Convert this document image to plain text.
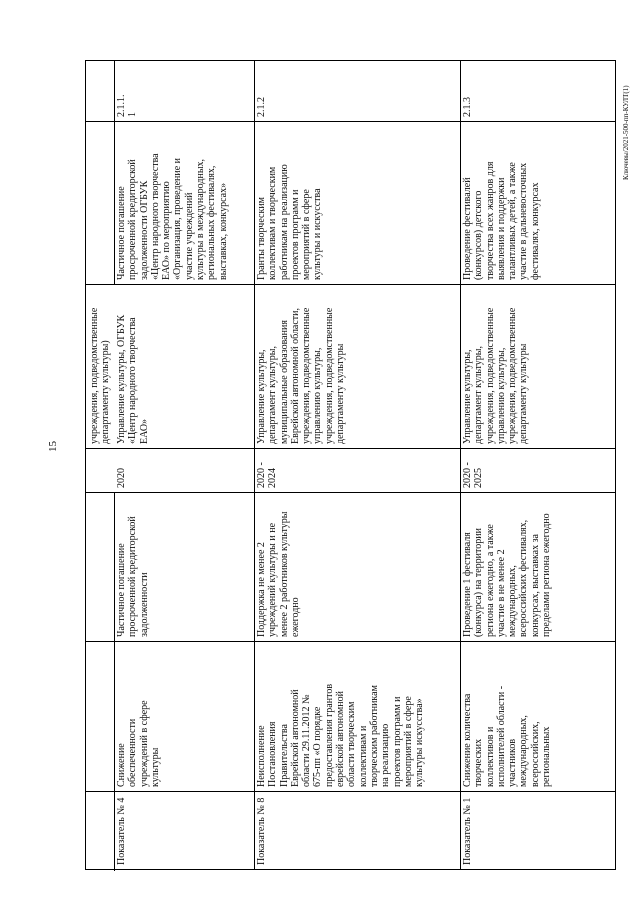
15
Ключевы/2021-500-пп-КУЛТ(1)
учреждения, подведомственные
департаменту культуры)
2.1.1.
1
Частичное погашение
просроченной кредиторской
задолженности ОГБУК
«Центр народного творчества
ЕАО» по мероприятию
«Организация, проведение и
участие учреждений
культуры в международных,
региональных фестивалях,
выставках, конкурсах»
Управление культуры, ОГБУК
«Центр народного творчества
ЕАО»
2020
Частичное погашение
просроченной кредиторской
задолженности
Снижение
обеспеченности
учреждений в сфере
культуры
Показатель № 4
2.1.2
Гранты творческим
коллективам и творческим
работникам на реализацию
проектов программ и
мероприятий в сфере
культуры и искусства
Управление культуры,
департамент культуры,
муниципальные образования
Еврейской автономной области,
учреждения, подведомственные
управлению культуры,
учреждения, подведомственные
департаменту культуры
2020 -
2024
Поддержка не менее 2
учреждений культуры и не
менее 2 работников культуры
ежегодно
Неисполнение
Постановления
Правительства
Еврейской автономной
области 29.11.2012 №
675-пп «О порядке
предоставления грантов
еврейской автономной
области творческим
коллективам и
творческим работникам
на реализацию
проектов программ и
мероприятий в сфере
культуры искусства»
Показатель № 8
2.1.3
Проведение фестивалей
(конкурсов) детского
творчества всех жанров для
выявления и поддержки
талантливых детей, а также
участие в дальневосточных
фестивалях, конкурсах
Управление культуры,
департамент культуры,
учреждения, подведомственные
управлению культуры,
учреждения, подведомственные
департаменту культуры
2020 -
2025
Проведение 1 фестиваля
(конкурса) на территории
региона ежегодно, а также
участие в не менее 2
международных,
всероссийских фестивалях,
конкурсах, выставках за
пределами региона ежегодно
Снижение количества
творческих
коллективов и
исполнителей области -
участников
международных,
всероссийских,
региональных
Показатель № 1
